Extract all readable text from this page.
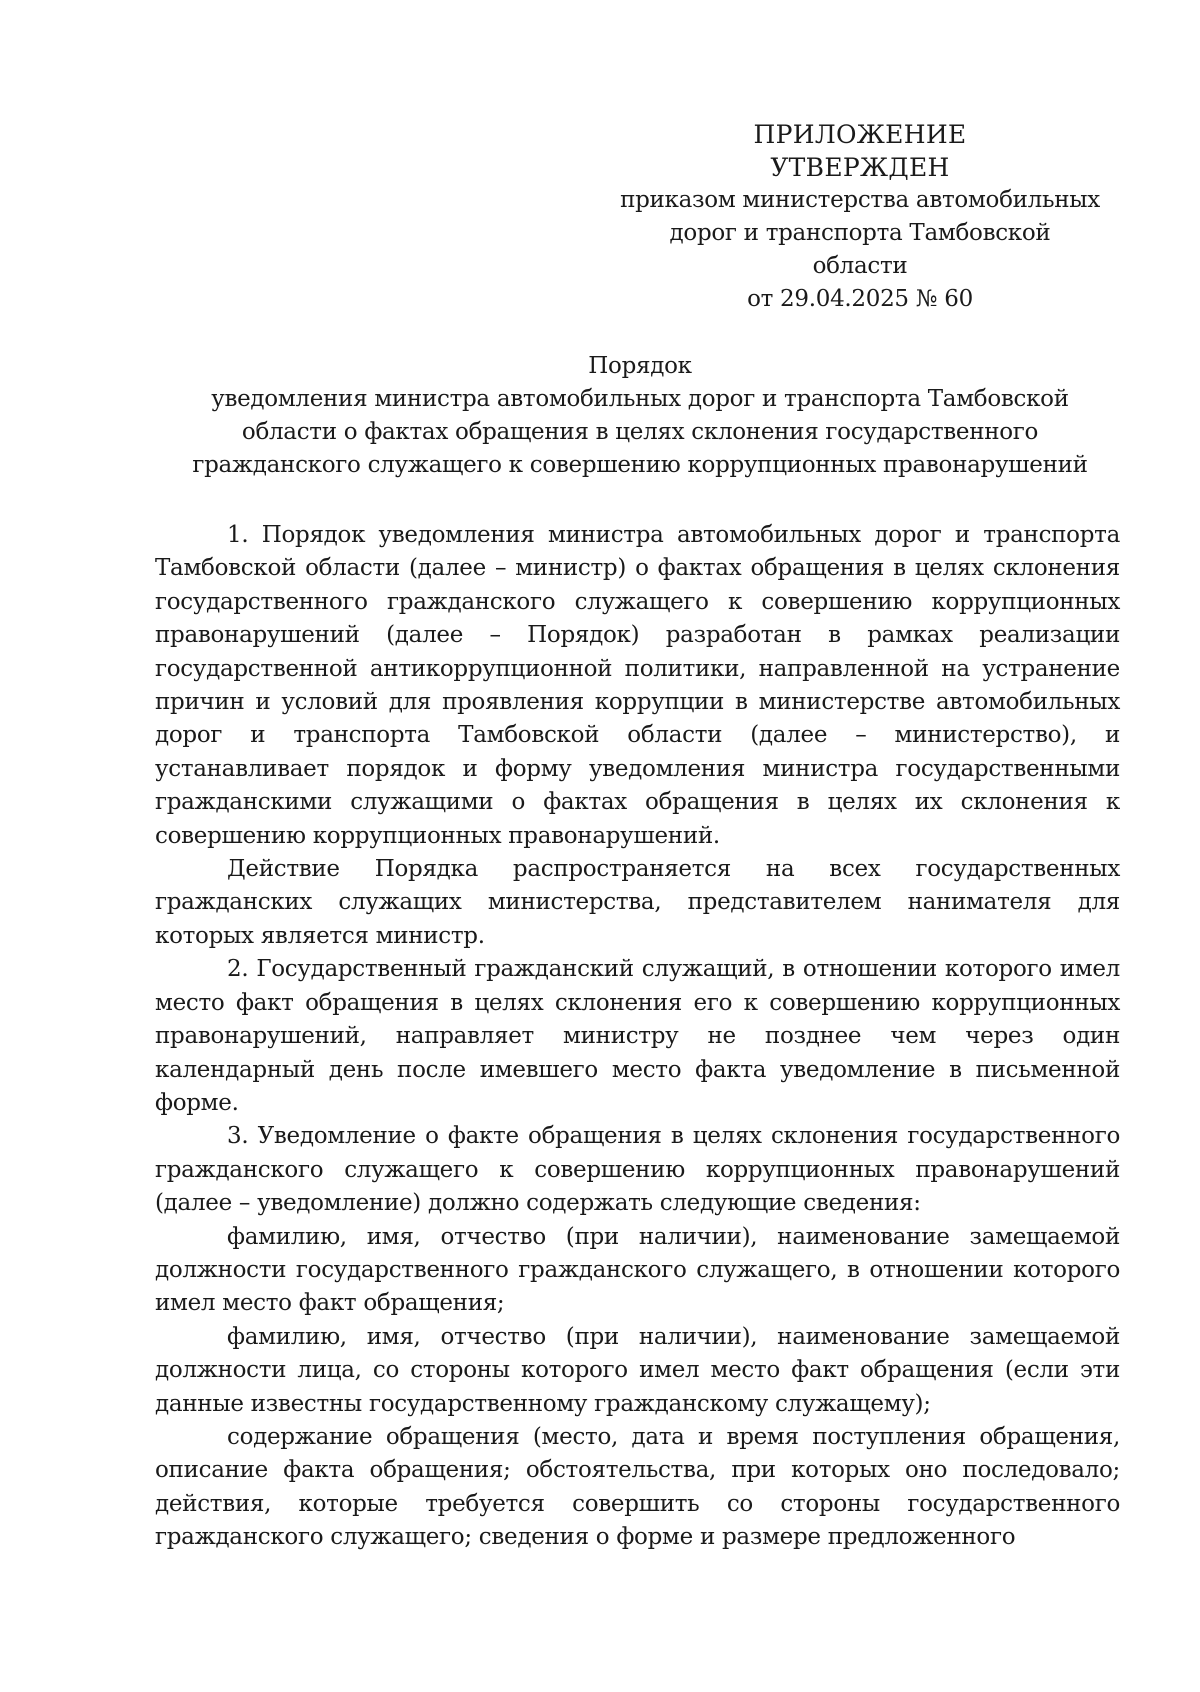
ПРИЛОЖЕНИЕ
УТВЕРЖДЕН
приказом министерства автомобильных
дорог и транспорта Тамбовской
области
от 29.04.2025 № 60
Порядок
уведомления министра автомобильных дорог и транспорта Тамбовской
области о фактах обращения в целях склонения государственного
гражданского служащего к совершению коррупционных правонарушений

1. Порядок уведомления министра автомобильных дорог и транспорта Тамбовской области (далее – министр) о фактах обращения в целях склонения государственного гражданского служащего к совершению коррупционных правонарушений (далее – Порядок) разработан в рамках реализации государственной антикоррупционной политики, направленной на устранение причин и условий для проявления коррупции в министерстве автомобильных дорог и транспорта Тамбовской области (далее – министерство), и устанавливает порядок и форму уведомления министра государственными гражданскими служащими о фактах обращения в целях их склонения к совершению коррупционных правонарушений.

Действие Порядка распространяется на всех государственных гражданских служащих министерства, представителем нанимателя для которых является министр.

2. Государственный гражданский служащий, в отношении которого имел место факт обращения в целях склонения его к совершению коррупционных правонарушений, направляет министру не позднее чем через один календарный день после имевшего место факта уведомление в письменной форме.

3. Уведомление о факте обращения в целях склонения государственного гражданского служащего к совершению коррупционных правонарушений (далее – уведомление) должно содержать следующие сведения:

фамилию, имя, отчество (при наличии), наименование замещаемой должности государственного гражданского служащего, в отношении которого имел место факт обращения;

фамилию, имя, отчество (при наличии), наименование замещаемой должности лица, со стороны которого имел место факт обращения (если эти данные известны государственному гражданскому служащему);

содержание обращения (место, дата и время поступления обращения, описание факта обращения; обстоятельства, при которых оно последовало; действия, которые требуется совершить со стороны государственного гражданского служащего; сведения о форме и размере предложенного
